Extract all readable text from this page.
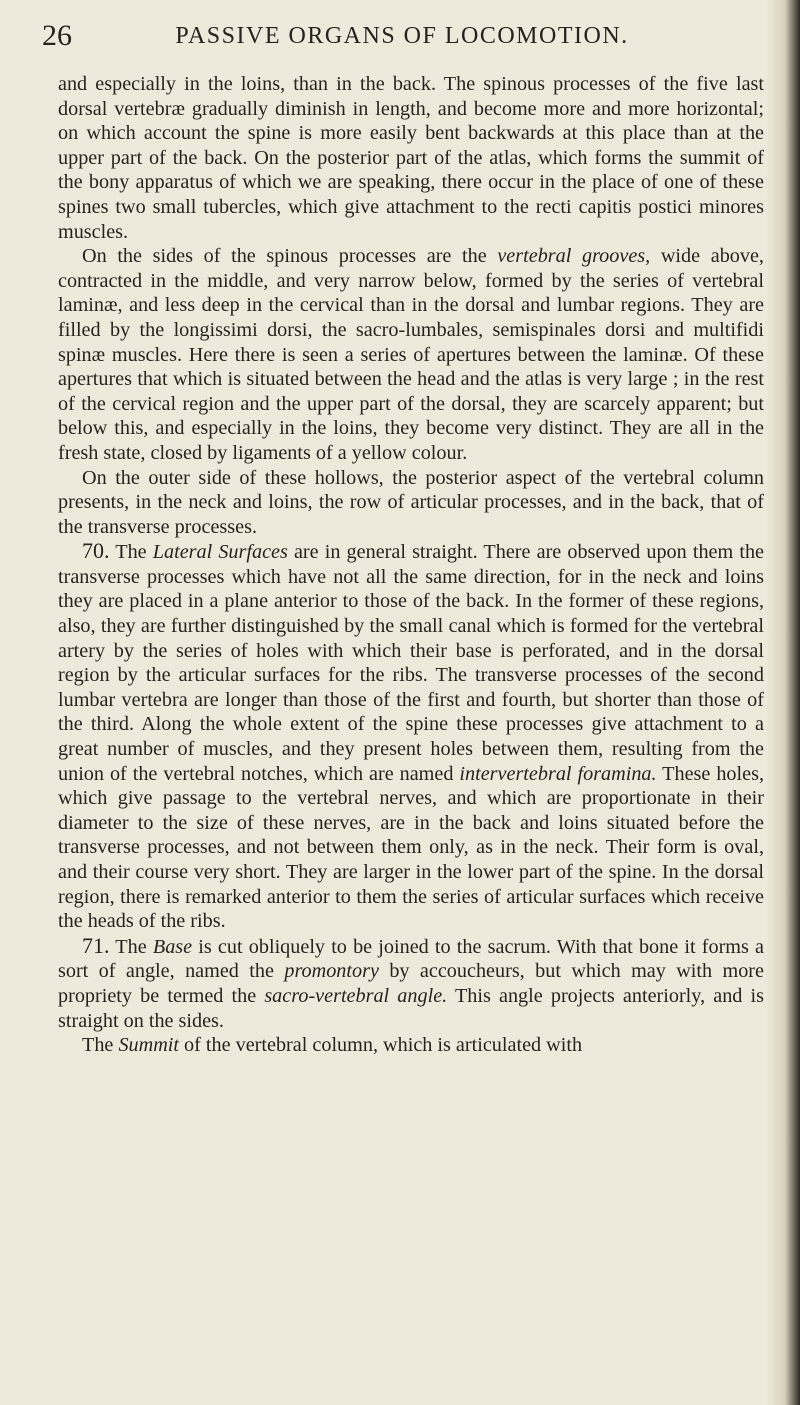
26	PASSIVE ORGANS OF LOCOMOTION.

and especially in the loins, than in the back. The spinous processes of the five last dorsal vertebræ gradually diminish in length, and become more and more horizontal; on which account the spine is more easily bent backwards at this place than at the upper part of the back. On the posterior part of the atlas, which forms the summit of the bony apparatus of which we are speaking, there occur in the place of one of these spines two small tubercles, which give attachment to the recti capitis postici minores muscles.

On the sides of the spinous processes are the vertebral grooves, wide above, contracted in the middle, and very narrow below, formed by the series of vertebral laminæ, and less deep in the cervical than in the dorsal and lumbar regions. They are filled by the longissimi dorsi, the sacro-lumbales, semispinales dorsi and multifidi spinæ muscles. Here there is seen a series of apertures between the laminæ. Of these apertures that which is situated between the head and the atlas is very large ; in the rest of the cervical region and the upper part of the dorsal, they are scarcely apparent; but below this, and especially in the loins, they become very distinct. They are all in the fresh state, closed by ligaments of a yellow colour.

On the outer side of these hollows, the posterior aspect of the vertebral column presents, in the neck and loins, the row of articular processes, and in the back, that of the transverse processes.

70. The Lateral Surfaces are in general straight. There are observed upon them the transverse processes which have not all the same direction, for in the neck and loins they are placed in a plane anterior to those of the back. In the former of these regions, also, they are further distinguished by the small canal which is formed for the vertebral artery by the series of holes with which their base is perforated, and in the dorsal region by the articular surfaces for the ribs. The transverse processes of the second lumbar vertebra are longer than those of the first and fourth, but shorter than those of the third. Along the whole extent of the spine these processes give attachment to a great number of muscles, and they present holes between them, resulting from the union of the vertebral notches, which are named intervertebral foramina. These holes, which give passage to the vertebral nerves, and which are proportionate in their diameter to the size of these nerves, are in the back and loins situated before the transverse processes, and not between them only, as in the neck. Their form is oval, and their course very short. They are larger in the lower part of the spine. In the dorsal region, there is remarked anterior to them the series of articular surfaces which receive the heads of the ribs.

71. The Base is cut obliquely to be joined to the sacrum. With that bone it forms a sort of angle, named the promontory by accoucheurs, but which may with more propriety be termed the sacro-vertebral angle. This angle projects anteriorly, and is straight on the sides.

The Summit of the vertebral column, which is articulated with
